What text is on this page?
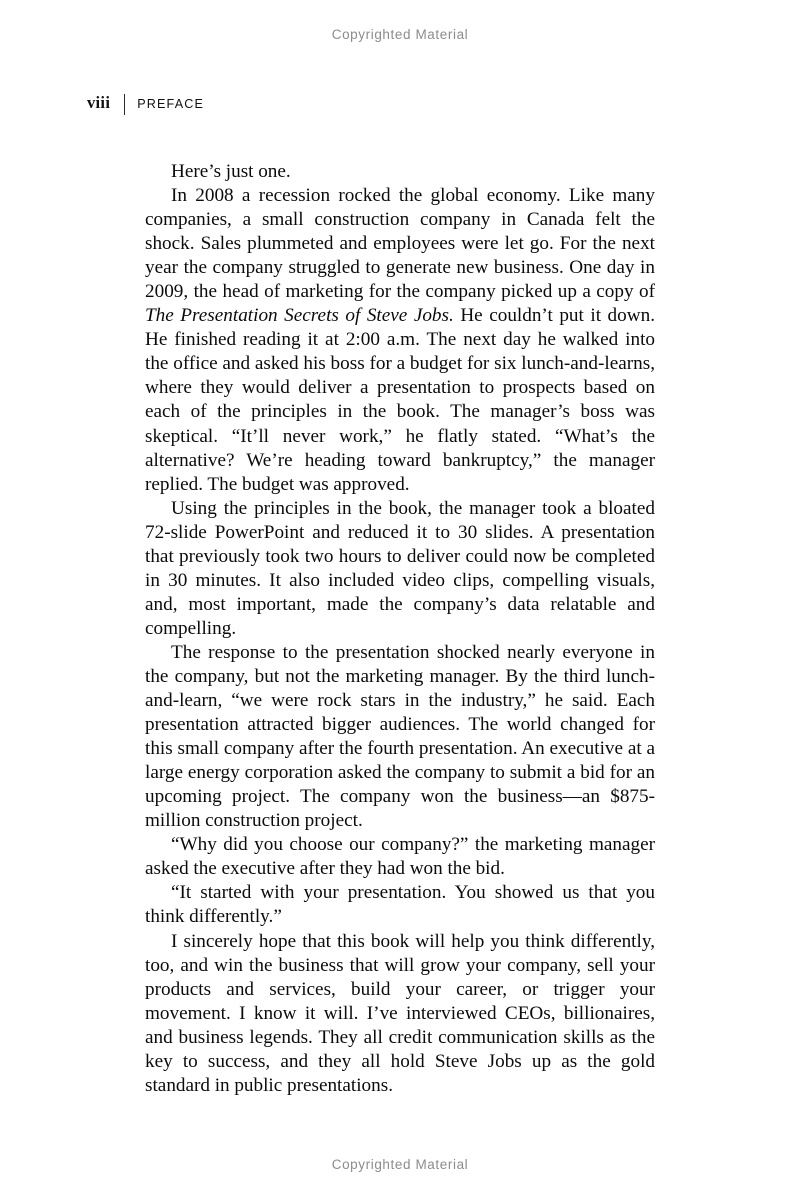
Copyrighted Material
viii PREFACE

Here’s just one.

In 2008 a recession rocked the global economy. Like many companies, a small construction company in Canada felt the shock. Sales plummeted and employees were let go. For the next year the company struggled to generate new business. One day in 2009, the head of marketing for the company picked up a copy of The Presentation Secrets of Steve Jobs. He couldn’t put it down. He finished reading it at 2:00 a.m. The next day he walked into the office and asked his boss for a budget for six lunch-and-learns, where they would deliver a presentation to prospects based on each of the principles in the book. The manager’s boss was skeptical. “It’ll never work,” he flatly stated. “What’s the alternative? We’re heading toward bankruptcy,” the manager replied. The budget was approved.

Using the principles in the book, the manager took a bloated 72-slide PowerPoint and reduced it to 30 slides. A presentation that previously took two hours to deliver could now be completed in 30 minutes. It also included video clips, compelling visuals, and, most important, made the company’s data relatable and compelling.

The response to the presentation shocked nearly everyone in the company, but not the marketing manager. By the third lunch-and-learn, “we were rock stars in the industry,” he said. Each presentation attracted bigger audiences. The world changed for this small company after the fourth presentation. An executive at a large energy corporation asked the company to submit a bid for an upcoming project. The company won the business—an $875-million construction project.

“Why did you choose our company?” the marketing manager asked the executive after they had won the bid.

“It started with your presentation. You showed us that you think differently.”

I sincerely hope that this book will help you think differently, too, and win the business that will grow your company, sell your products and services, build your career, or trigger your movement. I know it will. I’ve interviewed CEOs, billionaires, and business legends. They all credit communication skills as the key to success, and they all hold Steve Jobs up as the gold standard in public presentations.

Copyrighted Material
